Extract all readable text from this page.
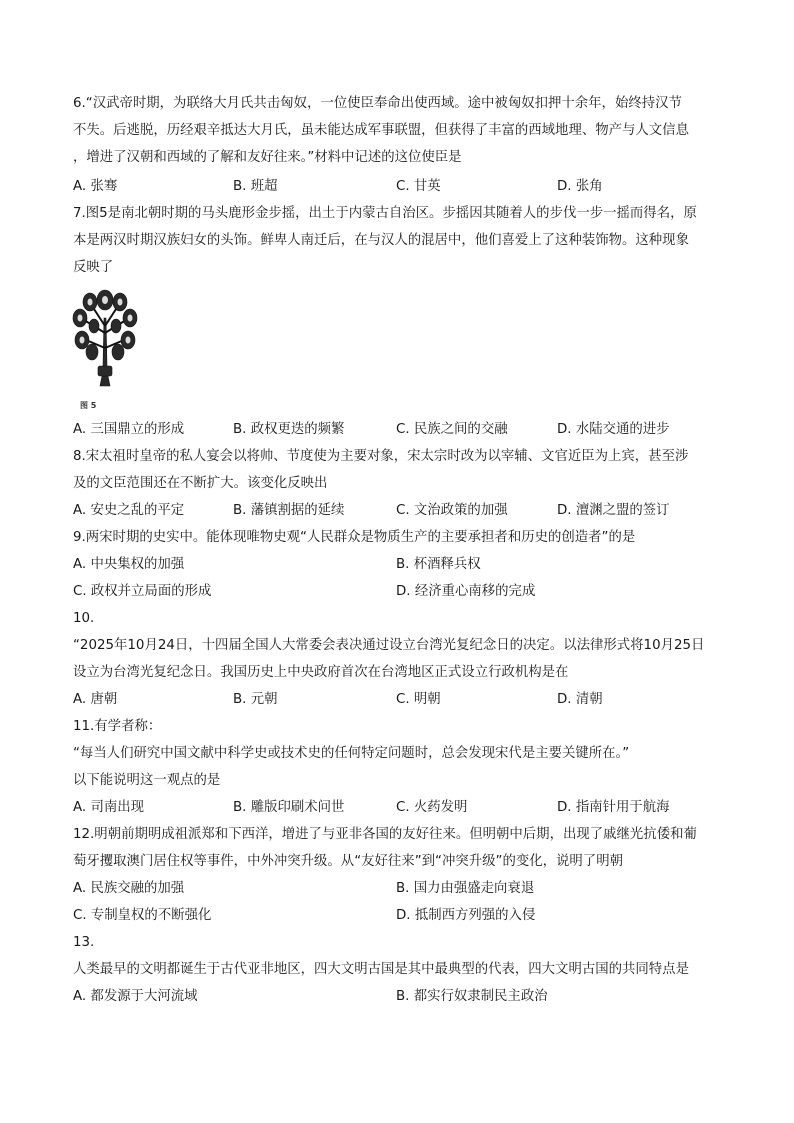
6.“汉武帝时期，为联络大月氏共击匈奴，一位使臣奉命出使西域。途中被匈奴扣押十余年，始终持汉节
不失。后逃脱，历经艰辛抵达大月氏，虽未能达成军事联盟，但获得了丰富的西域地理、物产与人文信息
，增进了汉朝和西域的了解和友好往来。”材料中记述的这位使臣是
A. 张骞	B. 班超	C. 甘英	D. 张角
7.图5是南北朝时期的马头鹿形金步摇，出土于内蒙古自治区。步摇因其随着人的步伐一步一摇而得名，原
本是两汉时期汉族妇女的头饰。鲜卑人南迁后，在与汉人的混居中，他们喜爱上了这种装饰物。这种现象
反映了
图 5
A. 三国鼎立的形成	B. 政权更迭的频繁	C. 民族之间的交融	D. 水陆交通的进步
8.宋太祖时皇帝的私人宴会以将帅、节度使为主要对象，宋太宗时改为以宰辅、文官近臣为上宾，甚至涉
及的文臣范围还在不断扩大。该变化反映出
A. 安史之乱的平定	B. 藩镇割据的延续	C. 文治政策的加强	D. 澶渊之盟的签订
9.两宋时期的史实中。能体现唯物史观“人民群众是物质生产的主要承担者和历史的创造者”的是
A. 中央集权的加强	B. 杯酒释兵权
C. 政权并立局面的形成	D. 经济重心南移的完成
10.
“2025年10月24日，十四届全国人大常委会表决通过设立台湾光复纪念日的决定。以法律形式将10月25日
设立为台湾光复纪念日。我国历史上中央政府首次在台湾地区正式设立行政机构是在
A. 唐朝	B. 元朝	C. 明朝	D. 清朝
11.有学者称：
“每当人们研究中国文献中科学史或技术史的任何特定问题时，总会发现宋代是主要关键所在。”
以下能说明这一观点的是
A. 司南出现	B. 雕版印刷术问世	C. 火药发明	D. 指南针用于航海
12.明朝前期明成祖派郑和下西洋，增进了与亚非各国的友好往来。但明朝中后期，出现了戚继光抗倭和葡
萄牙攫取澳门居住权等事件，中外冲突升级。从“友好往来”到“冲突升级”的变化，说明了明朝
A. 民族交融的加强	B. 国力由强盛走向衰退
C. 专制皇权的不断强化	D. 抵制西方列强的入侵
13.
人类最早的文明都诞生于古代亚非地区，四大文明古国是其中最典型的代表，四大文明古国的共同特点是
A. 都发源于大河流域	B. 都实行奴隶制民主政治
